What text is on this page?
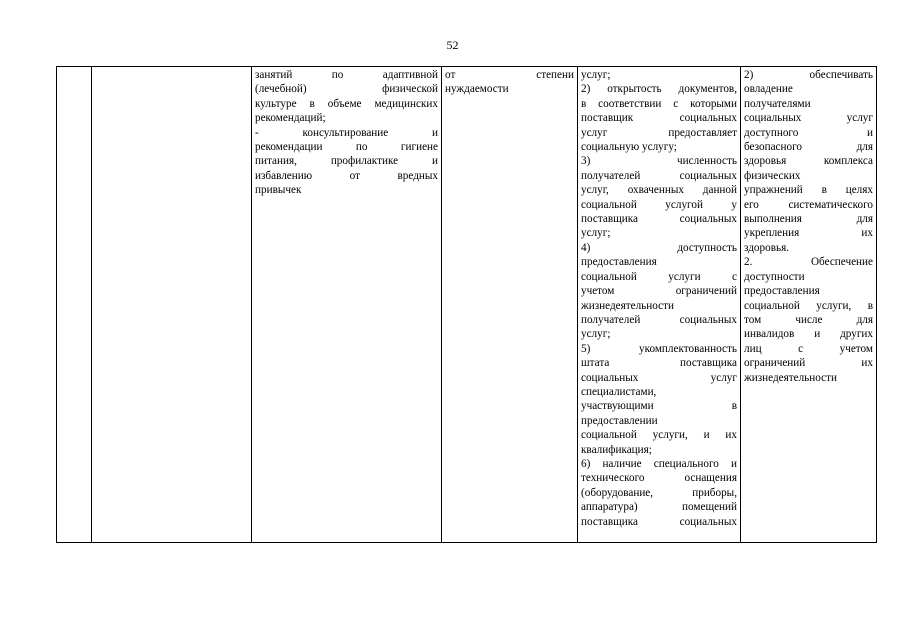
52

занятий по адаптивной
(лечебной) физической
культуре в объеме медицинских
рекомендаций;
- консультирование и
рекомендации по гигиене
питания, профилактике и
избавлению от вредных
привычек

от степени
нуждаемости

услуг;
2) открытость документов,
в соответствии с которыми
поставщик социальных
услуг предоставляет
социальную услугу;
3) численность
получателей социальных
услуг, охваченных данной
социальной услугой у
поставщика социальных
услуг;
4) доступность
предоставления
социальной услуги с
учетом ограничений
жизнедеятельности
получателей социальных
услуг;
5) укомплектованность
штата поставщика
социальных услуг
специалистами,
участвующими в
предоставлении
социальной услуги, и их
квалификация;
6) наличие специального и
технического оснащения
(оборудование, приборы,
аппаратура) помещений
поставщика социальных

2) обеспечивать
овладение
получателями
социальных услуг
доступного и
безопасного для
здоровья комплекса
физических
упражнений в целях
его систематического
выполнения для
укрепления их
здоровья.
2. Обеспечение
доступности
предоставления
социальной услуги, в
том числе для
инвалидов и других
лиц с учетом
ограничений их
жизнедеятельности
